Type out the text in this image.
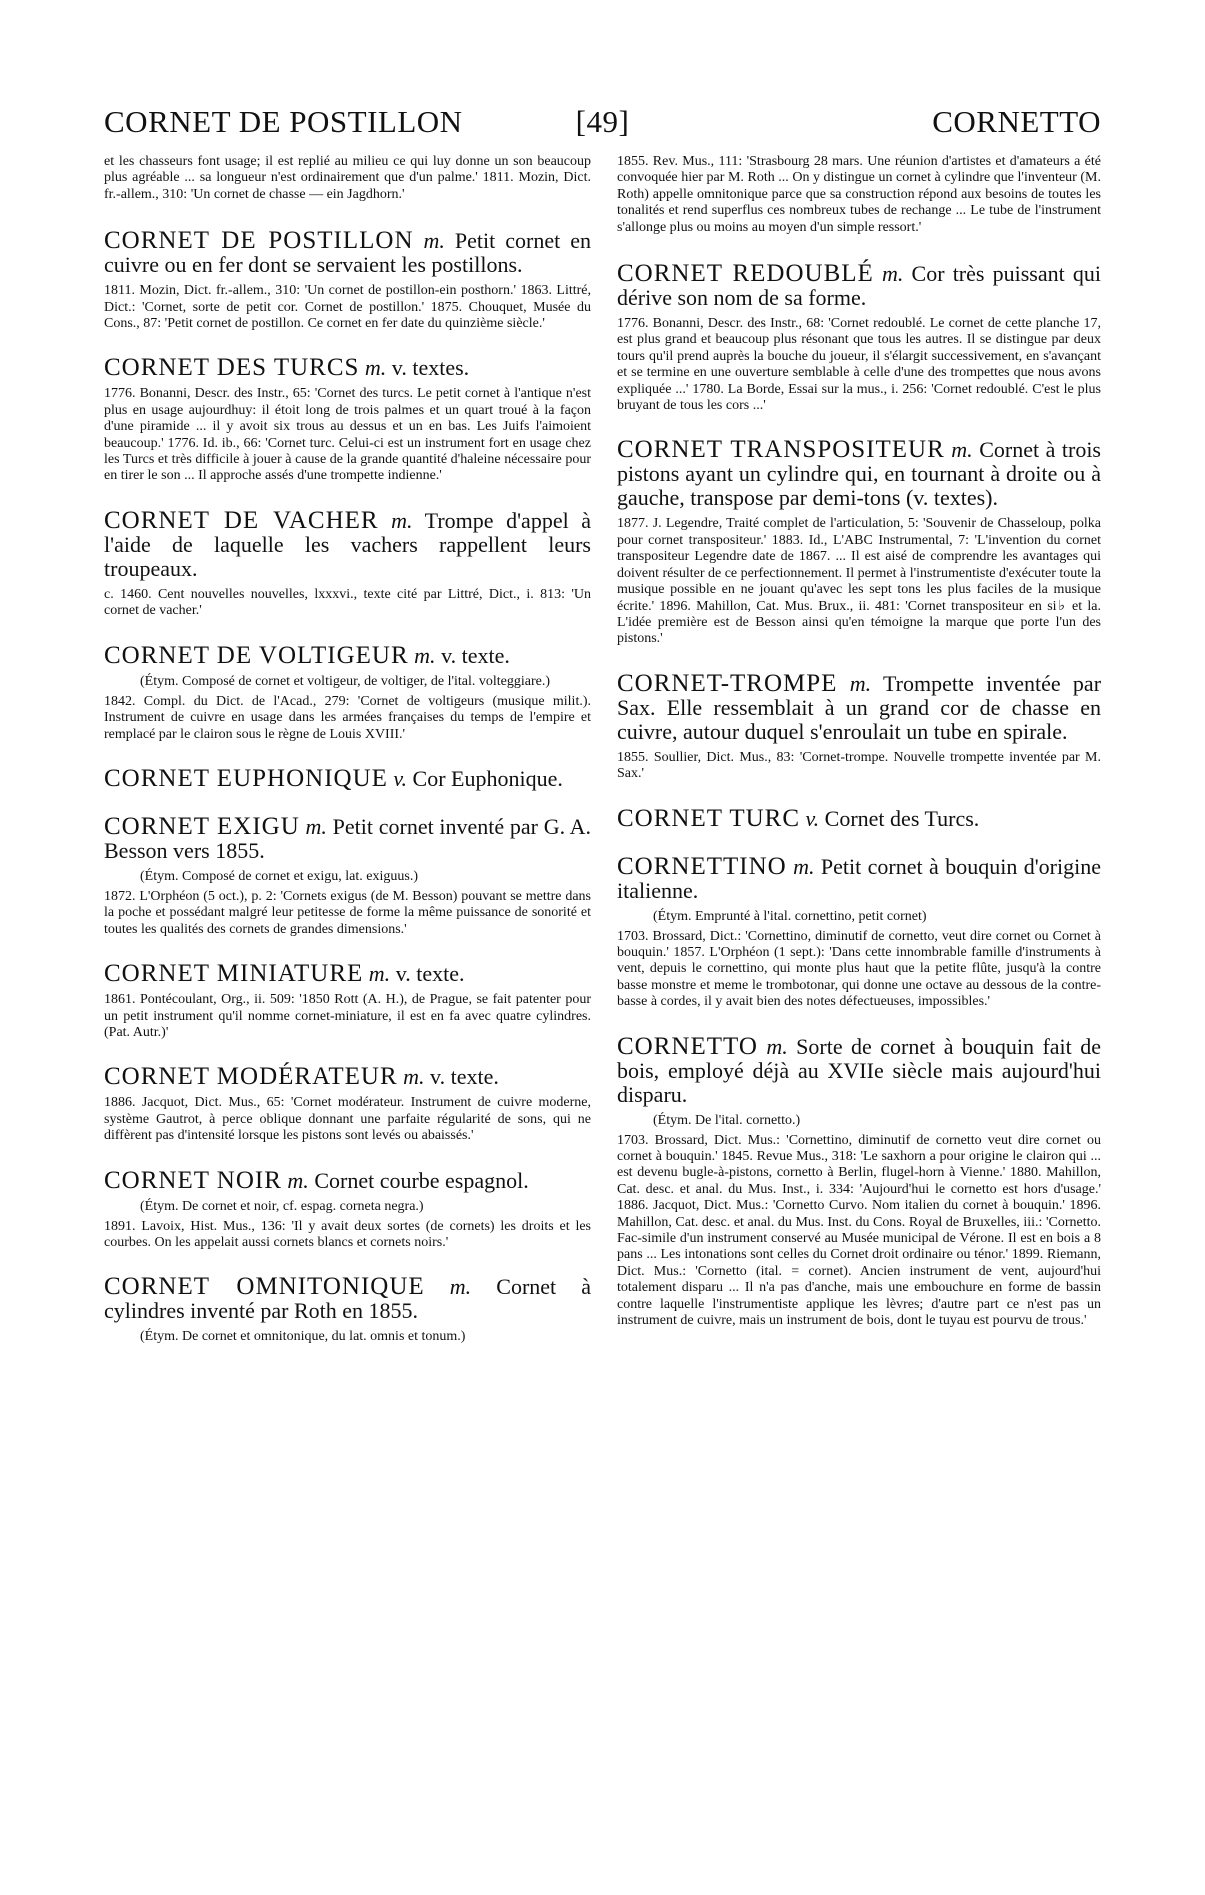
CORNET DE POSTILLON	[49]	CORNETTO

et les chasseurs font usage; il est replié au milieu ce qui luy donne un son beaucoup plus agréable ... sa longueur n'est ordinairement que d'un palme.' 1811. Mozin, Dict. fr.-allem., 310: 'Un cornet de chasse — ein Jagdhorn.'

CORNET DE POSTILLON m. Petit cornet en cuivre ou en fer dont se servaient les postillons.

1811. Mozin, Dict. fr.-allem., 310: 'Un cornet de postillon-ein posthorn.' 1863. Littré, Dict.: 'Cornet, sorte de petit cor. Cornet de postillon.' 1875. Chouquet, Musée du Cons., 87: 'Petit cornet de postillon. Ce cornet en fer date du quinzième siècle.'

CORNET DES TURCS m. v. textes.

1776. Bonanni, Descr. des Instr., 65: 'Cornet des turcs. Le petit cornet à l'antique n'est plus en usage aujourdhuy: il étoit long de trois palmes et un quart troué à la façon d'une piramide ... il y avoit six trous au dessus et un en bas. Les Juifs l'aimoient beaucoup.' 1776. Id. ib., 66: 'Cornet turc. Celui-ci est un instrument fort en usage chez les Turcs et très difficile à jouer à cause de la grande quantité d'haleine nécessaire pour en tirer le son ... Il approche assés d'une trompette indienne.'

CORNET DE VACHER m. Trompe d'appel à l'aide de laquelle les vachers rappellent leurs troupeaux.

c. 1460. Cent nouvelles nouvelles, lxxxvi., texte cité par Littré, Dict., i. 813: 'Un cornet de vacher.'

CORNET DE VOLTIGEUR m. v. texte.

(Étym. Composé de cornet et voltigeur, de voltiger, de l'ital. volteggiare.)

1842. Compl. du Dict. de l'Acad., 279: 'Cornet de voltigeurs (musique milit.). Instrument de cuivre en usage dans les armées françaises du temps de l'empire et remplacé par le clairon sous le règne de Louis XVIII.'

CORNET EUPHONIQUE v. Cor Euphonique.

CORNET EXIGU m. Petit cornet inventé par G. A. Besson vers 1855.

(Étym. Composé de cornet et exigu, lat. exiguus.)

1872. L'Orphéon (5 oct.), p. 2: 'Cornets exigus (de M. Besson) pouvant se mettre dans la poche et possédant malgré leur petitesse de forme la même puissance de sonorité et toutes les qualités des cornets de grandes dimensions.'

CORNET MINIATURE m. v. texte.

1861. Pontécoulant, Org., ii. 509: '1850 Rott (A. H.), de Prague, se fait patenter pour un petit instrument qu'il nomme cornet-miniature, il est en fa avec quatre cylindres. (Pat. Autr.)'

CORNET MODÉRATEUR m. v. texte.

1886. Jacquot, Dict. Mus., 65: 'Cornet modérateur. Instrument de cuivre moderne, système Gautrot, à perce oblique donnant une parfaite régularité de sons, qui ne diffèrent pas d'intensité lorsque les pistons sont levés ou abaissés.'

CORNET NOIR m. Cornet courbe espagnol.

(Étym. De cornet et noir, cf. espag. corneta negra.)

1891. Lavoix, Hist. Mus., 136: 'Il y avait deux sortes (de cornets) les droits et les courbes. On les appelait aussi cornets blancs et cornets noirs.'

CORNET OMNITONIQUE m. Cornet à cylindres inventé par Roth en 1855.

(Étym. De cornet et omnitonique, du lat. omnis et tonum.)

1855. Rev. Mus., 111: 'Strasbourg 28 mars. Une réunion d'artistes et d'amateurs a été convoquée hier par M. Roth ... On y distingue un cornet à cylindre que l'inventeur (M. Roth) appelle omnitonique parce que sa construction répond aux besoins de toutes les tonalités et rend superflus ces nombreux tubes de rechange ... Le tube de l'instrument s'allonge plus ou moins au moyen d'un simple ressort.'

CORNET REDOUBLÉ m. Cor très puissant qui dérive son nom de sa forme.

1776. Bonanni, Descr. des Instr., 68: 'Cornet redoublé. Le cornet de cette planche 17, est plus grand et beaucoup plus résonant que tous les autres. Il se distingue par deux tours qu'il prend auprès la bouche du joueur, il s'élargit successivement, en s'avançant et se termine en une ouverture semblable à celle d'une des trompettes que nous avons expliquée ...' 1780. La Borde, Essai sur la mus., i. 256: 'Cornet redoublé. C'est le plus bruyant de tous les cors ...'

CORNET TRANSPOSITEUR m. Cornet à trois pistons ayant un cylindre qui, en tournant à droite ou à gauche, transpose par demi-tons (v. textes).

1877. J. Legendre, Traité complet de l'articulation, 5: 'Souvenir de Chasseloup, polka pour cornet transpositeur.' 1883. Id., L'ABC Instrumental, 7: 'L'invention du cornet transpositeur Legendre date de 1867. ... Il est aisé de comprendre les avantages qui doivent résulter de ce perfectionnement. Il permet à l'instrumentiste d'exécuter toute la musique possible en ne jouant qu'avec les sept tons les plus faciles de la musique écrite.' 1896. Mahillon, Cat. Mus. Brux., ii. 481: 'Cornet transpositeur en si♭ et la. L'idée première est de Besson ainsi qu'en témoigne la marque que porte l'un des pistons.'

CORNET-TROMPE m. Trompette inventée par Sax. Elle ressemblait à un grand cor de chasse en cuivre, autour duquel s'enroulait un tube en spirale.

1855. Soullier, Dict. Mus., 83: 'Cornet-trompe. Nouvelle trompette inventée par M. Sax.'

CORNET TURC v. Cornet des Turcs.

CORNETTINO m. Petit cornet à bouquin d'origine italienne.

(Étym. Emprunté à l'ital. cornettino, petit cornet)

1703. Brossard, Dict.: 'Cornettino, diminutif de cornetto, veut dire cornet ou Cornet à bouquin.' 1857. L'Orphéon (1 sept.): 'Dans cette innombrable famille d'instruments à vent, depuis le cornettino, qui monte plus haut que la petite flûte, jusqu'à la contre basse monstre et meme le trombotonar, qui donne une octave au dessous de la contre-basse à cordes, il y avait bien des notes défectueuses, impossibles.'

CORNETTO m. Sorte de cornet à bouquin fait de bois, employé déjà au XVIIe siècle mais aujourd'hui disparu.

(Étym. De l'ital. cornetto.)

1703. Brossard, Dict. Mus.: 'Cornettino, diminutif de cornetto veut dire cornet ou cornet à bouquin.' 1845. Revue Mus., 318: 'Le saxhorn a pour origine le clairon qui ... est devenu bugle-à-pistons, cornetto à Berlin, flugel-horn à Vienne.' 1880. Mahillon, Cat. desc. et anal. du Mus. Inst., i. 334: 'Aujourd'hui le cornetto est hors d'usage.' 1886. Jacquot, Dict. Mus.: 'Cornetto Curvo. Nom italien du cornet à bouquin.' 1896. Mahillon, Cat. desc. et anal. du Mus. Inst. du Cons. Royal de Bruxelles, iii.: 'Cornetto. Fac-simile d'un instrument conservé au Musée municipal de Vérone. Il est en bois a 8 pans ... Les intonations sont celles du Cornet droit ordinaire ou ténor.' 1899. Riemann, Dict. Mus.: 'Cornetto (ital. = cornet). Ancien instrument de vent, aujourd'hui totalement disparu ... Il n'a pas d'anche, mais une embouchure en forme de bassin contre laquelle l'instrumentiste applique les lèvres; d'autre part ce n'est pas un instrument de cuivre, mais un instrument de bois, dont le tuyau est pourvu de trous.'
